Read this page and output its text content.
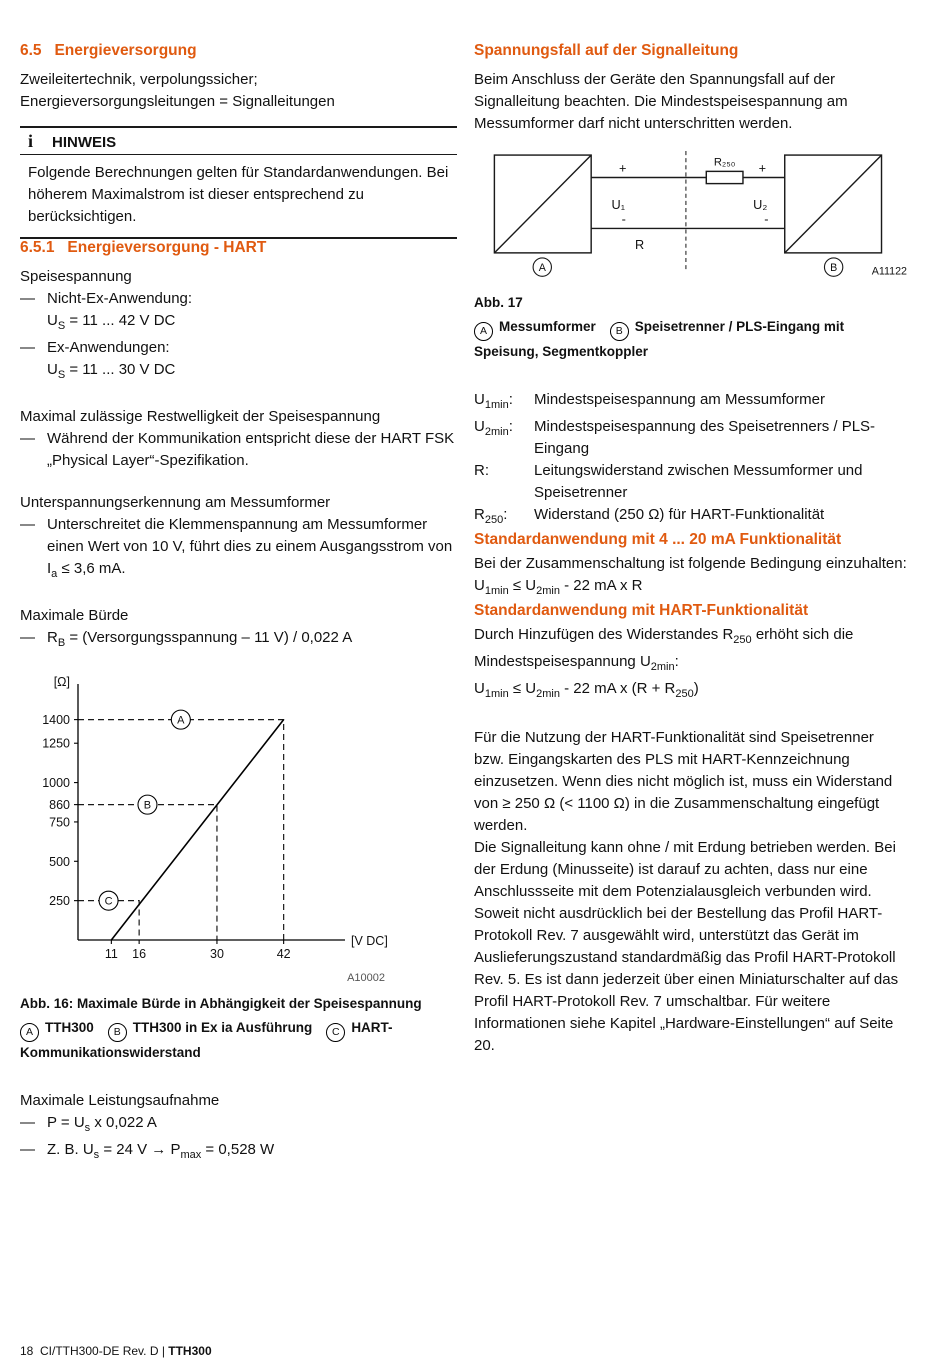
6.5   Energieversorgung

Zweileitertechnik, verpolungssicher;

Energieversorgungsleitungen = Signalleitungen

i HINWEIS

Folgende Berechnungen gelten für Standardanwendungen. Bei höherem Maximalstrom ist dieser entsprechend zu berücksichtigen.

6.5.1   Energieversorgung - HART

Speisespannung

— Nicht-Ex-Anwendung:
$U_S = 11$ ... 42 V DC
— Ex-Anwendungen:
$U_S = 11$ ... 30 V DC

Maximal zulässige Restwelligkeit der Speisespannung

— Während der Kommunikation entspricht diese der HART FSK „Physical Layer“-Spezifikation.

Unterspannungserkennung am Messumformer

— Unterschreitet die Klemmenspannung am Messumformer einen Wert von 10 V, führt dies zu einem Ausgangsstrom von $I_a \le 3,6$ mA.

Maximale Bürde

— $R_B$ = (Versorgungsspannung – 11 V) / 0,022 A
A
B
C
250
500
750
860
1000
1250
1400
11 16	30	42
[Ω]
[V DC]
A10002
Abb. 16: Maximale Bürde in Abhängigkeit der Speisespannung
A TTH300 B TTH300 in Ex ia Ausführung C HART-Kommunikationswiderstand

Maximale Leistungsaufnahme

— $P = U_s$ x 0,022 A
— Z. B. $U_s = 24$ $V \to P_{max} = 0,528$ W
Spannungsfall auf der Signalleitung

Beim Anschluss der Geräte den Spannungsfall auf der Signalleitung beachten. Die Mindestspeisespannung am Messumformer darf nicht unterschritten werden.

+
U₁
-
R₂₅₀ +
U₂
-
R
A	B	A11122
Abb. 17
A Messumformer B Speisetrenner / PLS-Eingang mit Speisung, Segmentkoppler
$U_{1min}$:	Mindestspeisespannung am Messumformer
$U_{2min}$:	Mindestspeisespannung des Speisetrenners / PLS-Eingang
R:	Leitungswiderstand zwischen Messumformer und Speisetrenner
$R_{250}$:	Widerstand (250 Ω) für HART-Funktionalität
Standardanwendung mit 4 ... 20 mA Funktionalität

Bei der Zusammenschaltung ist folgende Bedingung einzuhalten:

$U_{1min} \le U_{2min} - 22$ mA x R

Standardanwendung mit HART-Funktionalität

Durch Hinzufügen des Widerstandes $R_{250}$ erhöht sich die Mindestspeisespannung $U_{2min}$:

$U_{1min} \le U_{2min} - 22$ mA x $(R + R_{250})$

Für die Nutzung der HART-Funktionalität sind Speisetrenner bzw. Eingangskarten des PLS mit HART-Kennzeichnung einzusetzen. Wenn dies nicht möglich ist, muss ein Widerstand von ≥ 250 Ω (< 1100 Ω) in die Zusammenschaltung eingefügt werden.

Die Signalleitung kann ohne / mit Erdung betrieben werden. Bei der Erdung (Minusseite) ist darauf zu achten, dass nur eine Anschlussseite mit dem Potenzialausgleich verbunden wird. Soweit nicht ausdrücklich bei der Bestellung das Profil HART-Protokoll Rev. 7 ausgewählt wird, unterstützt das Gerät im Auslieferungszustand standardmäßig das Profil HART-Protokoll Rev. 5. Es ist dann jederzeit über einen Miniaturschalter auf das Profil HART-Protokoll Rev. 7 umschaltbar. Für weitere Informationen siehe Kapitel „Hardware-Einstellungen“ auf Seite 20.

18  CI/TTH300-DE Rev. D | TTH300
